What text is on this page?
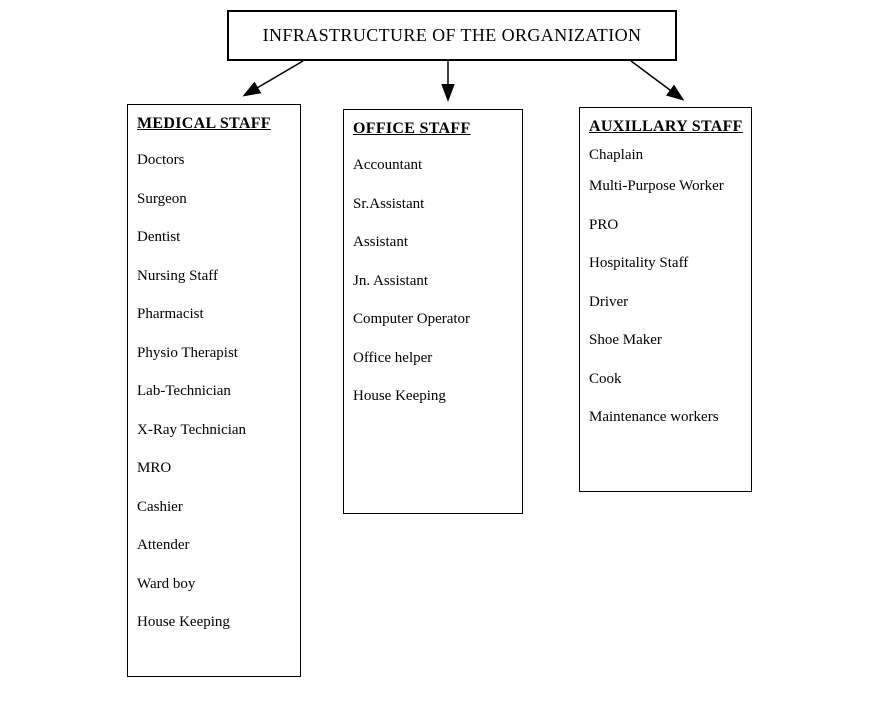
INFRASTRUCTURE OF THE ORGANIZATION
MEDICAL STAFF
Doctors
Surgeon
Dentist
Nursing Staff
Pharmacist
Physio Therapist
Lab-Technician
X-Ray Technician
MRO
Cashier
Attender
Ward boy
House Keeping
OFFICE STAFF
Accountant
Sr.Assistant
Assistant
Jn. Assistant
Computer Operator
Office helper
House Keeping
AUXILLARY STAFF
Chaplain
Multi-Purpose Worker
PRO
Hospitality Staff
Driver
Shoe Maker
Cook
Maintenance workers
